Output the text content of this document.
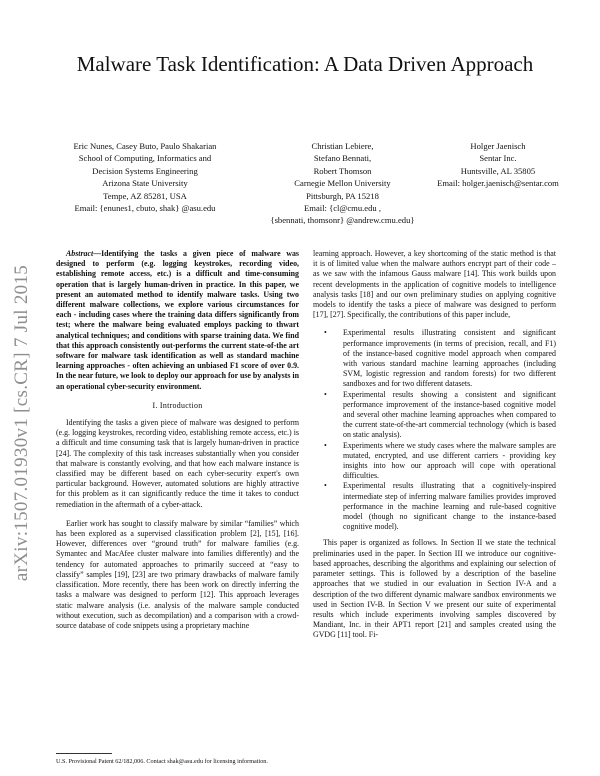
Malware Task Identification: A Data Driven Approach
Eric Nunes, Casey Buto, Paulo Shakarian
School of Computing, Informatics and
Decision Systems Engineering
Arizona State University
Tempe, AZ 85281, USA
Email: {enunes1, cbuto, shak} @asu.edu
Christian Lebiere,
Stefano Bennati,
Robert Thomson
Carnegie Mellon University
Pittsburgh, PA 15218
Email: {cl@cmu.edu ,
{sbennati, thomsonr} @andrew.cmu.edu}
Holger Jaenisch
Sentar Inc.
Huntsville, AL 35805
Email: holger.jaenisch@sentar.com
arXiv:1507.01930v1 [cs.CR] 7 Jul 2015

Abstract—Identifying the tasks a given piece of malware was designed to perform (e.g. logging keystrokes, recording video, establishing remote access, etc.) is a difficult and time-consuming operation that is largely human-driven in practice. In this paper, we present an automated method to identify malware tasks. Using two different malware collections, we explore various circumstances for each - including cases where the training data differs significantly from test; where the malware being evaluated employs packing to thwart analytical techniques; and conditions with sparse training data. We find that this approach consistently out-performs the current state-of-the art software for malware task identification as well as standard machine learning approaches - often achieving an unbiased F1 score of over 0.9. In the near future, we look to deploy our approach for use by analysts in an operational cyber-security environment.

I. Introduction

Identifying the tasks a given piece of malware was designed to perform (e.g. logging keystrokes, recording video, establishing remote access, etc.) is a difficult and time consuming task that is largely human-driven in practice [24]. The complexity of this task increases substantially when you consider that malware is constantly evolving, and that how each malware instance is classified may be different based on each cyber-security expert's own particular background. However, automated solutions are highly attractive for this problem as it can significantly reduce the time it takes to conduct remediation in the aftermath of a cyber-attack.

Earlier work has sought to classify malware by similar “families” which has been explored as a supervised classification problem [2], [15], [16]. However, differences over “ground truth” for malware families (e.g. Symantec and MacAfee cluster malware into families differently) and the tendency for automated approaches to primarily succeed at “easy to classify” samples [19], [23] are two primary drawbacks of malware family classification. More recently, there has been work on directly inferring the tasks a malware was designed to perform [12]. This approach leverages static malware analysis (i.e. analysis of the malware sample conducted without execution, such as decompilation) and a comparison with a crowd-source database of code snippets using a proprietary machine

learning approach. However, a key shortcoming of the static method is that it is of limited value when the malware authors encrypt part of their code – as we saw with the infamous Gauss malware [14]. This work builds upon recent developments in the application of cognitive models to intelligence analysis tasks [18] and our own preliminary studies on applying cognitive models to identify the tasks a piece of malware was designed to perform [17], [27]. Specifically, the contributions of this paper include,

• Experimental results illustrating consistent and significant performance improvements (in terms of precision, recall, and F1) of the instance-based cognitive model approach when compared with various standard machine learning approaches (including SVM, logistic regression and random forests) for two different sandboxes and for two different datasets.
• Experimental results showing a consistent and significant performance improvement of the instance-based cognitive model and several other machine learning approaches when compared to the current state-of-the-art commercial technology (which is based on static analysis).
• Experiments where we study cases where the malware samples are mutated, encrypted, and use different carriers - providing key insights into how our approach will cope with operational difficulties.
• Experimental results illustrating that a cognitively-inspired intermediate step of inferring malware families provides improved performance in the machine learning and rule-based cognitive model (though no significant change to the instance-based cognitive model).

This paper is organized as follows. In Section II we state the technical preliminaries used in the paper. In Section III we introduce our cognitive-based approaches, describing the algorithms and explaining our selection of parameter settings. This is followed by a description of the baseline approaches that we studied in our evaluation in Section IV-A and a description of the two different dynamic malware sandbox environments we used in Section IV-B. In Section V we present our suite of experimental results which include experiments involving samples discovered by Mandiant, Inc. in their APT1 report [21] and samples created using the GVDG [11] tool. Fi-

U.S. Provisional Patent 62/182,006. Contact shak@asu.edu for licensing information.
